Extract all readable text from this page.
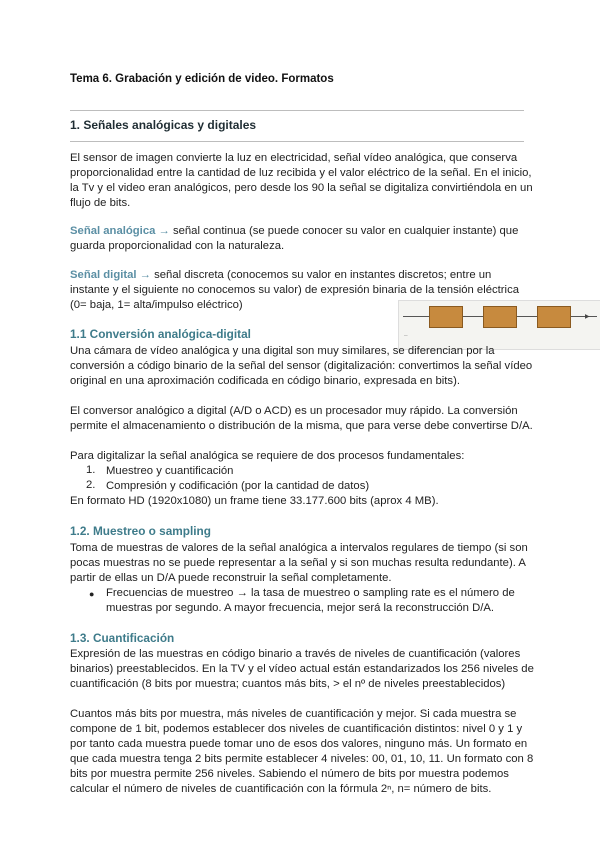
Tema 6. Grabación y edición de video. Formatos
1. Señales analógicas y digitales
El sensor de imagen convierte la luz en electricidad, señal vídeo analógica, que conserva
proporcionalidad entre la cantidad de luz recibida y el valor eléctrico de la señal. En el inicio,
la Tv y el video eran analógicos, pero desde los 90 la señal se digitaliza convirtiéndola en un
flujo de bits.
Señal analógica → señal continua (se puede conocer su valor en cualquier instante) que
guarda proporcionalidad con la naturaleza.
Señal digital → señal discreta (conocemos su valor en instantes discretos; entre un
instante y el siguiente no conocemos su valor) de expresión binaria de la tensión eléctrica
(0= baja, 1= alta/impulso eléctrico)
▶
—
1.1 Conversión analógica-digital
Una cámara de vídeo analógica y una digital son muy similares, se diferencian por la
conversión a código binario de la señal del sensor (digitalización: convertimos la señal vídeo
original en una aproximación codificada en código binario, expresada en bits).
El conversor analógico a digital (A/D o ACD) es un procesador muy rápido. La conversión
permite el almacenamiento o distribución de la misma, que para verse debe convertirse D/A.
Para digitalizar la señal analógica se requiere de dos procesos fundamentales:
1. Muestreo y cuantificación
2. Compresión y codificación (por la cantidad de datos)
En formato HD (1920x1080) un frame tiene 33.177.600 bits (aprox 4 MB).
1.2. Muestreo o sampling
Toma de muestras de valores de la señal analógica a intervalos regulares de tiempo (si son
pocas muestras no se puede representar a la señal y si son muchas resulta redundante). A
partir de ellas un D/A puede reconstruir la señal completamente.
● Frecuencias de muestreo → la tasa de muestreo o sampling rate es el número de
muestras por segundo. A mayor frecuencia, mejor será la reconstrucción D/A.
1.3. Cuantificación
Expresión de las muestras en código binario a través de niveles de cuantificación (valores
binarios) preestablecidos. En la TV y el vídeo actual están estandarizados los 256 niveles de
cuantificación (8 bits por muestra; cuantos más bits, > el nº de niveles preestablecidos)
Cuantos más bits por muestra, más niveles de cuantificación y mejor. Si cada muestra se
compone de 1 bit, podemos establecer dos niveles de cuantificación distintos: nivel 0 y 1 y
por tanto cada muestra puede tomar uno de esos dos valores, ninguno más. Un formato en
que cada muestra tenga 2 bits permite establecer 4 niveles: 00, 01, 10, 11. Un formato con 8
bits por muestra permite 256 niveles. Sabiendo el número de bits por muestra podemos
calcular el número de niveles de cuantificación con la fórmula 2ⁿ, n= número de bits.
